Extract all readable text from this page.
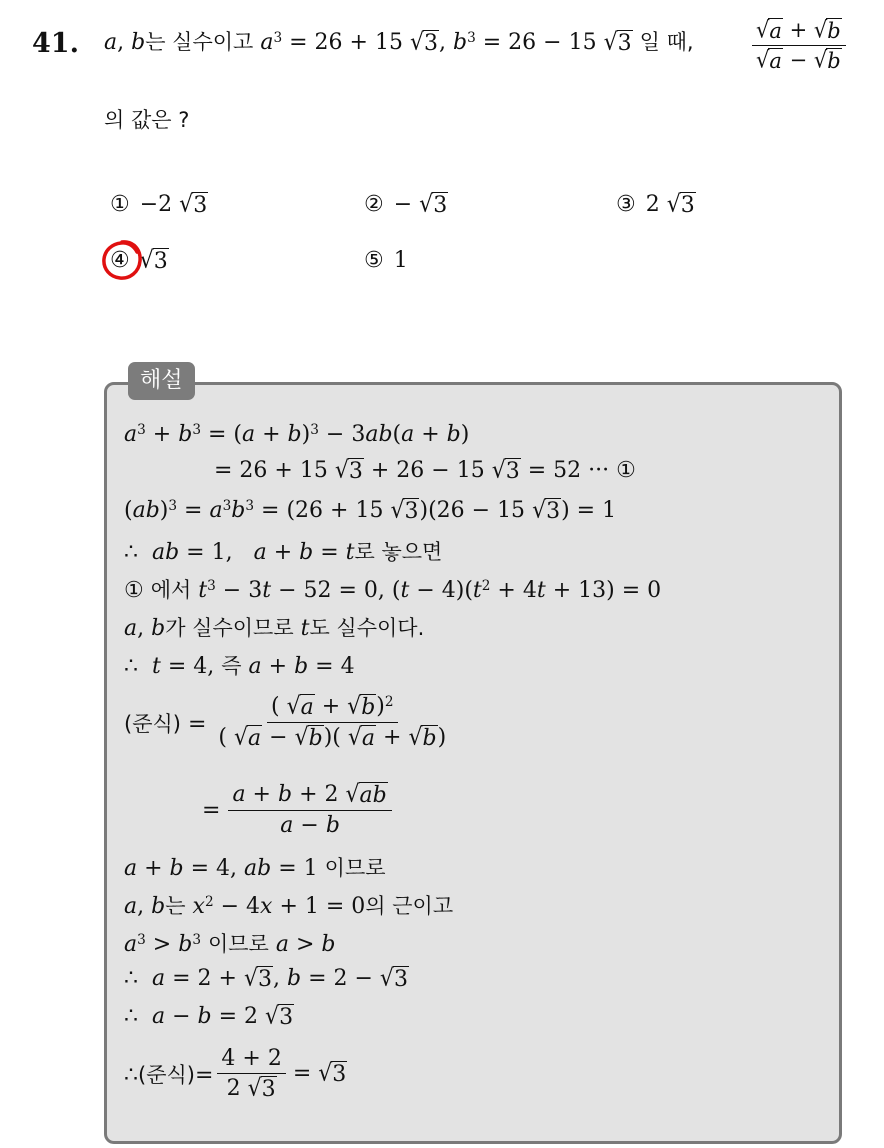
41. a, b는 실수이고 $a^3 = 26 + 15$ √ 3 , $b^3 = 26 - 15$ √ 3 일 때,	$\frac{√ a + √ b}{√ a - √ b}$
의 값은 ?
① −2 √ 3	② − √ 3	③ 2 √ 3
④ √ 3	⑤ 1
해설
$a^3 + b^3 = (a + b)^3 - 3ab(a + b)$
= 26 + 15 √ 3 + 26 − 15 √ 3 = 52 ··· ①
$(ab)^3 = a^3b^3 = (26 + 15$ √ 3 )(26 − 15 √ 3 ) = 1
∴  ab = 1,   a + b = t로 놓으면
① 에서 $t^3 - 3t - 52 = 0$, $(t - 4)(t^2 + 4t + 13) = 0$
a, b가 실수이므로 t도 실수이다.
∴  t = 4, 즉 a + b = 4
(준식) = $\frac{( √ a + √ b )^2}{( √ a - √ b )( √ a + √ b )}$
= $\frac{a + b + 2 √ ab}{a - b}$
a + b = 4, ab = 1 이므로
a, b는 $x^2 - 4x + 1 = 0$의 근이고
$a^3 > b^3$ 이므로 a > b
∴  a = 2 + √ 3 , b = 2 − √ 3
∴  a − b = 2 √ 3
∴(준식)= $\frac{4 + 2}{2 √ 3}$ = √ 3
